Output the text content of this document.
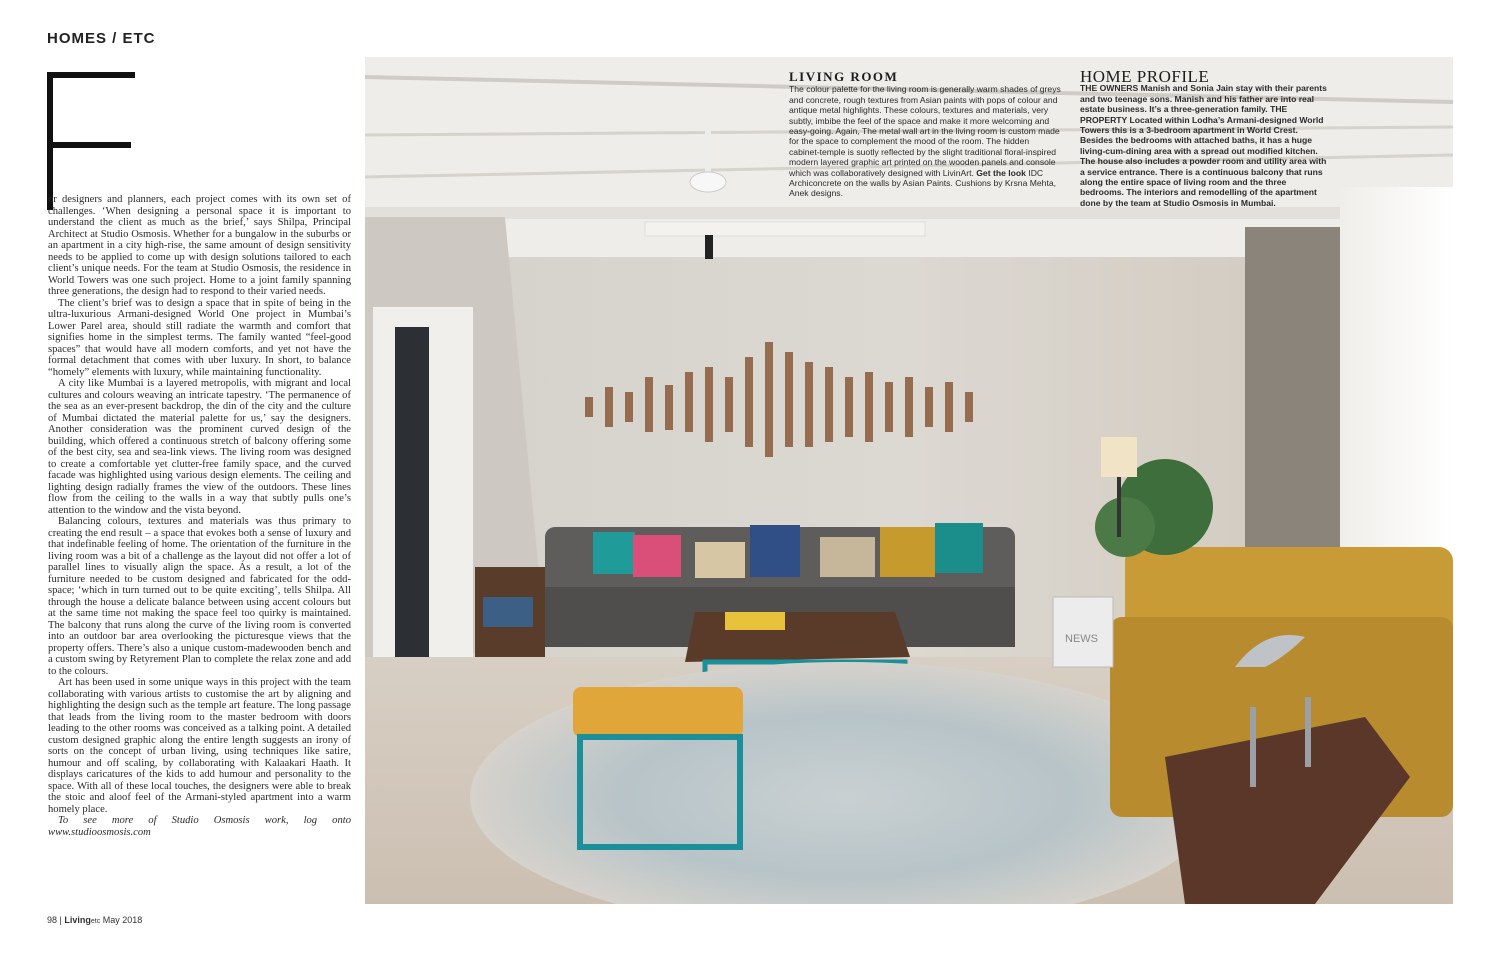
HOMES / ETC

or designers and planners, each project comes with its own set of challenges. ‘When designing a personal space it is important to understand the client as much as the brief,’ says Shilpa, Principal Architect at Studio Osmosis. Whether for a bungalow in the suburbs or an apartment in a city high-rise, the same amount of design sensitivity needs to be applied to come up with design solutions tailored to each client’s unique needs. For the team at Studio Osmosis, the residence in World Towers was one such project. Home to a joint family spanning three generations, the design had to respond to their varied needs.

The client’s brief was to design a space that in spite of being in the ultra-luxurious Armani-designed World One project in Mumbai’s Lower Parel area, should still radiate the warmth and comfort that signifies home in the simplest terms. The family wanted “feel-good spaces” that would have all modern comforts, and yet not have the formal detachment that comes with uber luxury. In short, to balance “homely” elements with luxury, while maintaining functionality.

A city like Mumbai is a layered metropolis, with migrant and local cultures and colours weaving an intricate tapestry. ‘The permanence of the sea as an ever-present backdrop, the din of the city and the culture of Mumbai dictated the material palette for us,’ say the designers. Another consideration was the prominent curved design of the building, which offered a continuous stretch of balcony offering some of the best city, sea and sea-link views. The living room was designed to create a comfortable yet clutter-free family space, and the curved facade was highlighted using various design elements. The ceiling and lighting design radially frames the view of the outdoors. These lines flow from the ceiling to the walls in a way that subtly pulls one’s attention to the window and the vista beyond.

Balancing colours, textures and materials was thus primary to creating the end result – a space that evokes both a sense of luxury and that indefinable feeling of home. The orientation of the furniture in the living room was a bit of a challenge as the layout did not offer a lot of parallel lines to visually align the space. As a result, a lot of the furniture needed to be custom designed and fabricated for the odd-space; ‘which in turn turned out to be quite exciting’, tells Shilpa. All through the house a delicate balance between using accent colours but at the same time not making the space feel too quirky is maintained. The balcony that runs along the curve of the living room is converted into an outdoor bar area overlooking the picturesque views that the property offers. There’s also a unique custom-madewooden bench and a custom swing by Retyrement Plan to complete the relax zone and add to the colours.

Art has been used in some unique ways in this project with the team collaborating with various artists to customise the art by aligning and highlighting the design such as the temple art feature. The long passage that leads from the living room to the master bedroom with doors leading to the other rooms was conceived as a talking point. A detailed custom designed graphic along the entire length suggests an irony of sorts on the concept of urban living, using techniques like satire, humour and off scaling, by collaborating with Kalaakari Haath. It displays caricatures of the kids to add humour and personality to the space. With all of these local touches, the designers were able to break the stoic and aloof feel of the Armani-styled apartment into a warm homely place.

To see more of Studio Osmosis work, log onto www.studioosmosis.com

NEWS
LIVING ROOM

The colour palette for the living room is generally warm shades of greys and concrete, rough textures from Asian paints with pops of colour and antique metal highlights. These colours, textures and materials, very subtly, imbibe the feel of the space and make it more welcoming and easy-going. Again, The metal wall art in the living room is custom made for the space to complement the mood of the room. The hidden cabinet-temple is suotly reflected by the slight traditional floral-inspired modern layered graphic art printed on the wooden panels and console which was collaboratively designed with LivinArt. Get the look IDC Archiconcrete on the walls by Asian Paints. Cushions by Krsna Mehta, Anek designs.

HOME PROFILE

THE OWNERS Manish and Sonia Jain stay with their parents and two teenage sons. Manish and his father are into real estate business. It’s a three-generation family. THE PROPERTY Located within Lodha’s Armani-designed World Towers this is a 3-bedroom apartment in World Crest. Besides the bedrooms with attached baths, it has a huge living-cum-dining area with a spread out modified kitchen. The house also includes a powder room and utility area with a service entrance. There is a continuous balcony that runs along the entire space of living room and the three bedrooms. The interiors and remodelling of the apartment done by the team at Studio Osmosis in Mumbai.

98 | Livingetc May 2018
